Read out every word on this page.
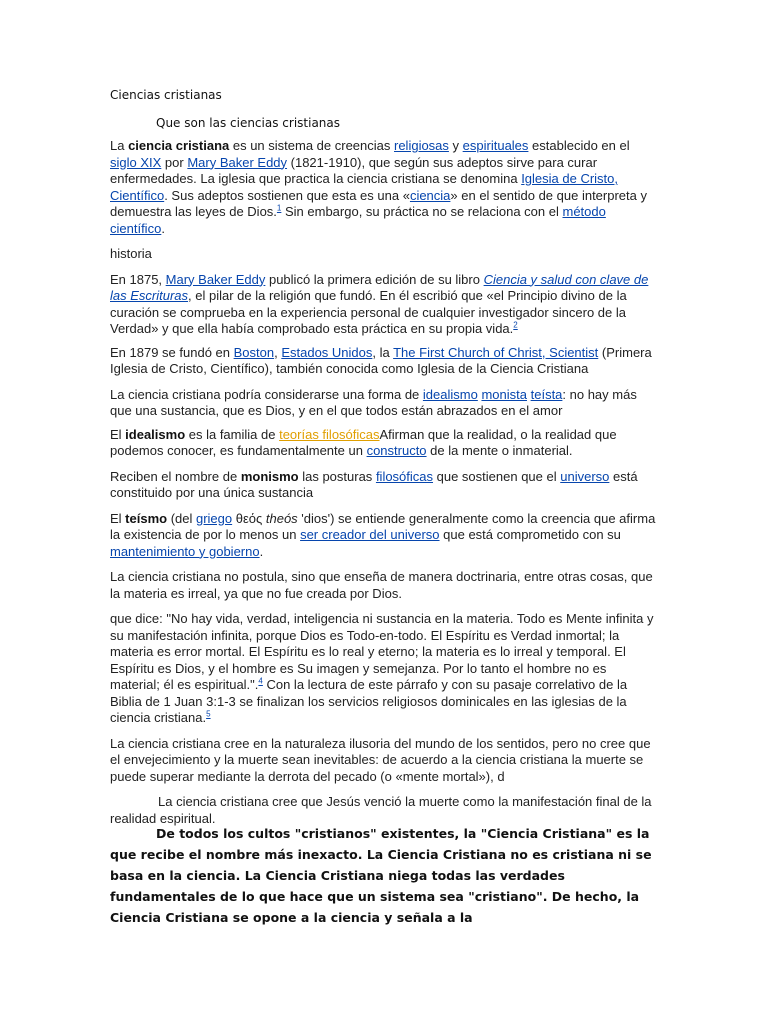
Ciencias cristianas
Que son las ciencias cristianas

La ciencia cristiana es un sistema de creencias religiosas y espirituales establecido en el siglo XIX por Mary Baker Eddy (1821-1910), que según sus adeptos sirve para curar enfermedades. La iglesia que practica la ciencia cristiana se denomina Iglesia de Cristo, Científico. Sus adeptos sostienen que esta es una «ciencia» en el sentido de que interpreta y demuestra las leyes de Dios.$^1$ Sin embargo, su práctica no se relaciona con el método científico.

historia

En 1875, Mary Baker Eddy publicó la primera edición de su libro Ciencia y salud con clave de las Escrituras, el pilar de la religión que fundó. En él escribió que «el Principio divino de la curación se comprueba en la experiencia personal de cualquier investigador sincero de la Verdad» y que ella había comprobado esta práctica en su propia vida.$^2$

En 1879 se fundó en Boston, Estados Unidos, la The First Church of Christ, Scientist (Primera Iglesia de Cristo, Científico), también conocida como Iglesia de la Ciencia Cristiana

La ciencia cristiana podría considerarse una forma de idealismo monista teísta: no hay más que una sustancia, que es Dios, y en el que todos están abrazados en el amor

El idealismo es la familia de teorías filosóficasAfirman que la realidad, o la realidad que podemos conocer, es fundamentalmente un constructo de la mente o inmaterial.

Reciben el nombre de monismo las posturas filosóficas que sostienen que el universo está constituido por una única sustancia

El teísmo (del griego θεός theós 'dios') se entiende generalmente como la creencia que afirma la existencia de por lo menos un ser creador del universo que está comprometido con su mantenimiento y gobierno.

La ciencia cristiana no postula, sino que enseña de manera doctrinaria, entre otras cosas, que la materia es irreal, ya que no fue creada por Dios.

que dice: "No hay vida, verdad, inteligencia ni sustancia en la materia. Todo es Mente infinita y su manifestación infinita, porque Dios es Todo-en-todo. El Espíritu es Verdad inmortal; la materia es error mortal. El Espíritu es lo real y eterno; la materia es lo irreal y temporal. El Espíritu es Dios, y el hombre es Su imagen y semejanza. Por lo tanto el hombre no es material; él es espiritual.".$^4$ Con la lectura de este párrafo y con su pasaje correlativo de la Biblia de 1 Juan 3:1-3 se finalizan los servicios religiosos dominicales en las iglesias de la ciencia cristiana.$^5$

La ciencia cristiana cree en la naturaleza ilusoria del mundo de los sentidos, pero no cree que el envejecimiento y la muerte sean inevitables: de acuerdo a la ciencia cristiana la muerte se puede superar mediante la derrota del pecado (o «mente mortal»), d

La ciencia cristiana cree que Jesús venció la muerte como la manifestación final de la realidad espiritual.

De todos los cultos "cristianos" existentes, la "Ciencia Cristiana" es la que recibe el nombre más inexacto. La Ciencia Cristiana no es cristiana ni se basa en la ciencia. La Ciencia Cristiana niega todas las verdades fundamentales de lo que hace que un sistema sea "cristiano". De hecho, la Ciencia Cristiana se opone a la ciencia y señala a la
